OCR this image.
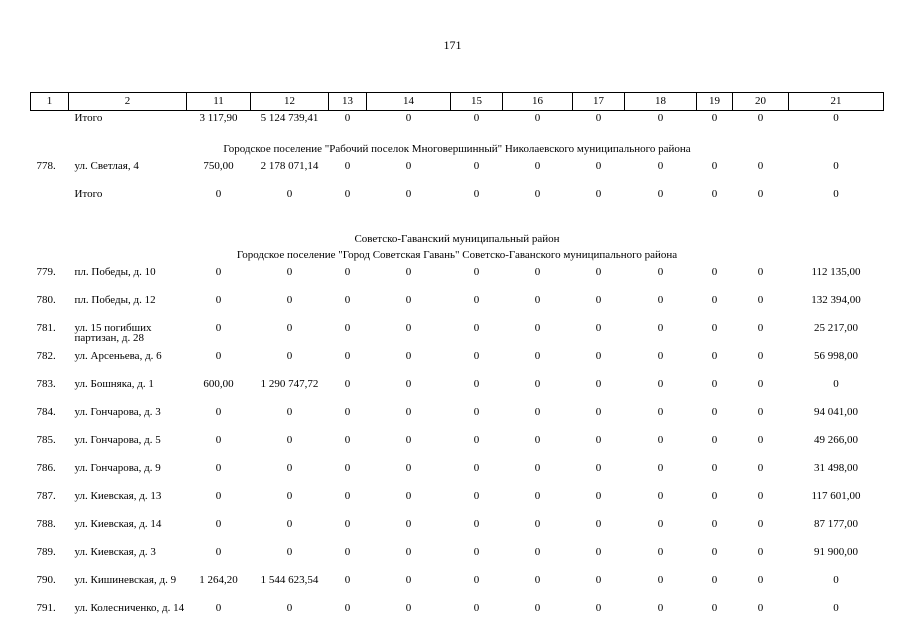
171
1	2	11	12	13	14	15	16	17	18	19	20	21
	Итого	3 117,90	5 124 739,41	0	0	0	0	0	0	0	0	0
Городское поселение "Рабочий поселок Многовершинный" Николаевского муниципального района												
778.	ул. Светлая, 4	750,00	2 178 071,14	0	0	0	0	0	0	0	0	0
	Итого	0	0	0	0	0	0	0	0	0	0	0

Советско-Гаванский муниципальный район												
Городское поселение "Город Советская Гавань" Советско-Гаванского муниципального района												
779.	пл. Победы, д. 10	0	0	0	0	0	0	0	0	0	0	112 135,00
780.	пл. Победы, д. 12	0	0	0	0	0	0	0	0	0	0	132 394,00
781.	ул. 15 погибших партизан, д. 28	0	0	0	0	0	0	0	0	0	0	25 217,00
782.	ул. Арсеньева, д. 6	0	0	0	0	0	0	0	0	0	0	56 998,00
783.	ул. Бошняка, д. 1	600,00	1 290 747,72	0	0	0	0	0	0	0	0	0
784.	ул. Гончарова, д. 3	0	0	0	0	0	0	0	0	0	0	94 041,00
785.	ул. Гончарова, д. 5	0	0	0	0	0	0	0	0	0	0	49 266,00
786.	ул. Гончарова, д. 9	0	0	0	0	0	0	0	0	0	0	31 498,00
787.	ул. Киевская, д. 13	0	0	0	0	0	0	0	0	0	0	117 601,00
788.	ул. Киевская, д. 14	0	0	0	0	0	0	0	0	0	0	87 177,00
789.	ул. Киевская, д. 3	0	0	0	0	0	0	0	0	0	0	91 900,00
790.	ул. Кишиневская, д. 9	1 264,20	1 544 623,54	0	0	0	0	0	0	0	0	0
791.	ул. Колесниченко, д. 14	0	0	0	0	0	0	0	0	0	0	0
